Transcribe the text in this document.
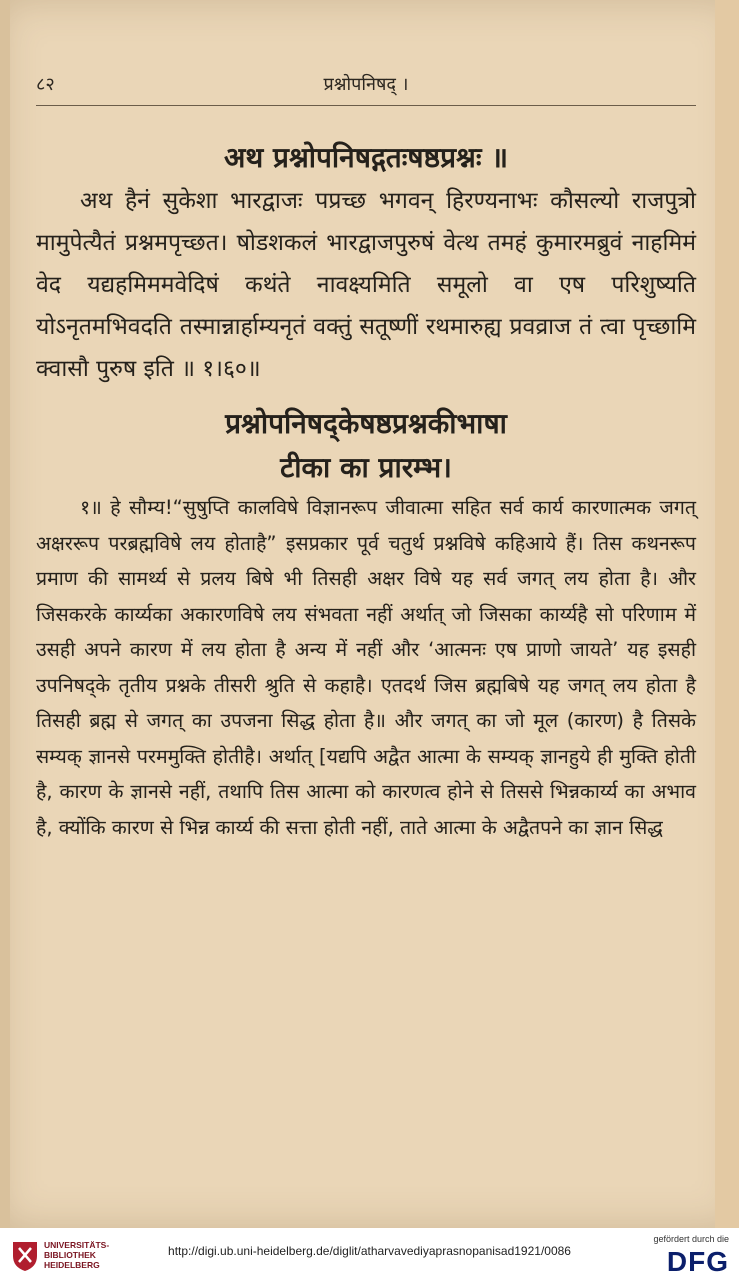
८२	प्रश्नोपनिषद् ।

अथ प्रश्नोपनिषद्गतःषष्ठप्रश्नः ॥

अथ हैनं सुकेशा भारद्वाजः पप्रच्छ भगवन् हिरण्यनाभः कौसल्यो राजपुत्रो मामुपेत्यैतं प्रश्नमपृच्छत। षोडशकलं भारद्वाजपुरुषं वेत्थ तमहं कुमारमब्रुवं नाहमिमं वेद यद्यहमिममवेदिषं कथंते नावक्ष्यमिति समूलो वा एष परिशुष्यति योऽनृतमभिवदति तस्मान्नार्हाम्यनृतं वक्तुं सतूष्णीं रथमारुह्य प्रवव्राज तं त्वा पृच्छामि क्वासौ पुरुष इति ॥ १।६०॥

प्रश्नोपनिषद्केषष्ठप्रश्नकीभाषा

टीका का प्रारम्भ।

१॥ हे सौम्य!“सुषुप्ति कालविषे विज्ञानरूप जीवात्मा सहित सर्व कार्य कारणात्मक जगत् अक्षररूप परब्रह्मविषे लय होताहै” इसप्रकार पूर्व चतुर्थ प्रश्नविषे कहिआये हैं। तिस कथनरूप प्रमाण की सामर्थ्य से प्रलय बिषे भी तिसही अक्षर विषे यह सर्व जगत् लय होता है। और जिसकरके कार्य्यका अकारणविषे लय संभवता नहीं अर्थात् जो जिसका कार्य्यहै सो परिणाम में उसही अपने कारण में लय होता है अन्य में नहीं और ‘आत्मनः एष प्राणो जायते’ यह इसही उपनिषद्के तृतीय प्रश्नके तीसरी श्रुति से कहाहै। एतदर्थ जिस ब्रह्मबिषे यह जगत् लय होता है तिसही ब्रह्म से जगत् का उपजना सिद्ध होता है॥ और जगत् का जो मूल (कारण) है तिसके सम्यक् ज्ञानसे परममुक्ति होतीहै। अर्थात् [यद्यपि अद्वैत आत्मा के सम्यक् ज्ञानहुये ही मुक्ति होती है, कारण के ज्ञानसे नहीं, तथापि तिस आत्मा को कारणत्व होने से तिससे भिन्नकार्य्य का अभाव है, क्योंकि कारण से भिन्न कार्य्य की सत्ता होती नहीं, ताते आत्मा के अद्वैतपने का ज्ञान सिद्ध

UNIVERSITÄTS-
BIBLIOTHEK
HEIDELBERG
http://digi.ub.uni-heidelberg.de/diglit/atharvavediyaprasnopanisad1921/0086
gefördert durch die
DFG
